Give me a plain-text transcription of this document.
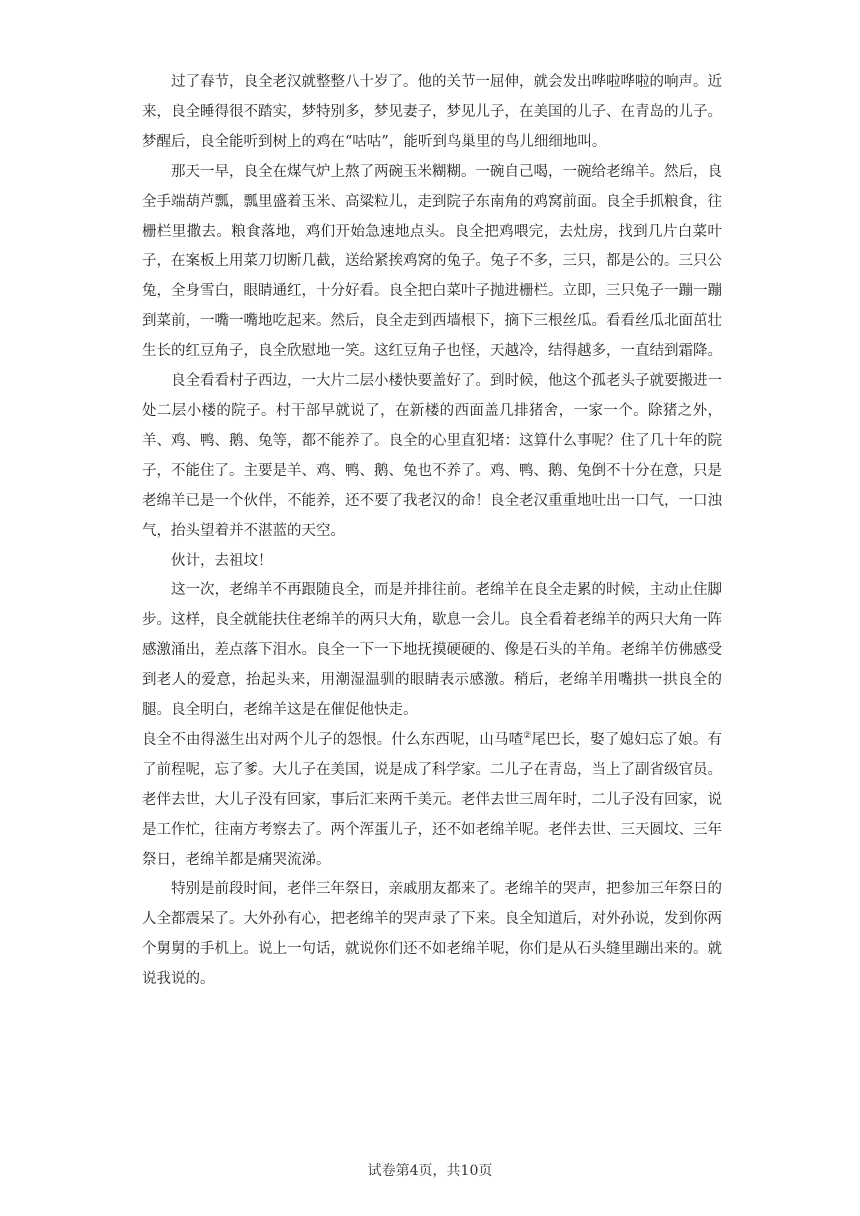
过了春节，良全老汉就整整八十岁了。他的关节一屈伸，就会发出哗啦哗啦的响声。近来，良全睡得很不踏实，梦特别多，梦见妻子，梦见儿子，在美国的儿子、在青岛的儿子。梦醒后，良全能听到树上的鸡在“咕咕”，能听到鸟巢里的鸟儿细细地叫。

那天一早，良全在煤气炉上熬了两碗玉米糊糊。一碗自己喝，一碗给老绵羊。然后，良全手端葫芦瓢，瓢里盛着玉米、高粱粒儿，走到院子东南角的鸡窝前面。良全手抓粮食，往栅栏里撒去。粮食落地，鸡们开始急速地点头。良全把鸡喂完，去灶房，找到几片白菜叶子，在案板上用菜刀切断几截，送给紧挨鸡窝的兔子。兔子不多，三只，都是公的。三只公兔，全身雪白，眼睛通红，十分好看。良全把白菜叶子抛进栅栏。立即，三只兔子一蹦一蹦到菜前，一嘴一嘴地吃起来。然后，良全走到西墙根下，摘下三根丝瓜。看看丝瓜北面茁壮生长的红豆角子，良全欣慰地一笑。这红豆角子也怪，天越冷，结得越多，一直结到霜降。

良全看看村子西边，一大片二层小楼快要盖好了。到时候，他这个孤老头子就要搬进一处二层小楼的院子。村干部早就说了，在新楼的西面盖几排猪舍，一家一个。除猪之外，羊、鸡、鸭、鹅、兔等，都不能养了。良全的心里直犯堵：这算什么事呢？住了几十年的院子，不能住了。主要是羊、鸡、鸭、鹅、兔也不养了。鸡、鸭、鹅、兔倒不十分在意，只是老绵羊已是一个伙伴，不能养，还不要了我老汉的命！良全老汉重重地吐出一口气，一口浊气，抬头望着并不湛蓝的天空。

伙计，去祖坟！

这一次，老绵羊不再跟随良全，而是并排往前。老绵羊在良全走累的时候，主动止住脚步。这样，良全就能扶住老绵羊的两只大角，歇息一会儿。良全看着老绵羊的两只大角一阵感激涌出，差点落下泪水。良全一下一下地抚摸硬硬的、像是石头的羊角。老绵羊仿佛感受到老人的爱意，抬起头来，用潮湿温驯的眼睛表示感激。稍后，老绵羊用嘴拱一拱良全的腿。良全明白，老绵羊这是在催促他快走。

良全不由得滋生出对两个儿子的怨恨。什么东西呢，山马喳②尾巴长，娶了媳妇忘了娘。有了前程呢，忘了爹。大儿子在美国，说是成了科学家。二儿子在青岛，当上了副省级官员。老伴去世，大儿子没有回家，事后汇来两千美元。老伴去世三周年时，二儿子没有回家，说是工作忙，往南方考察去了。两个浑蛋儿子，还不如老绵羊呢。老伴去世、三天圆坟、三年祭日，老绵羊都是痛哭流涕。

特别是前段时间，老伴三年祭日，亲戚朋友都来了。老绵羊的哭声，把参加三年祭日的人全都震呆了。大外孙有心，把老绵羊的哭声录了下来。良全知道后，对外孙说，发到你两个舅舅的手机上。说上一句话，就说你们还不如老绵羊呢，你们是从石头缝里蹦出来的。就说我说的。

试卷第4页，共10页
